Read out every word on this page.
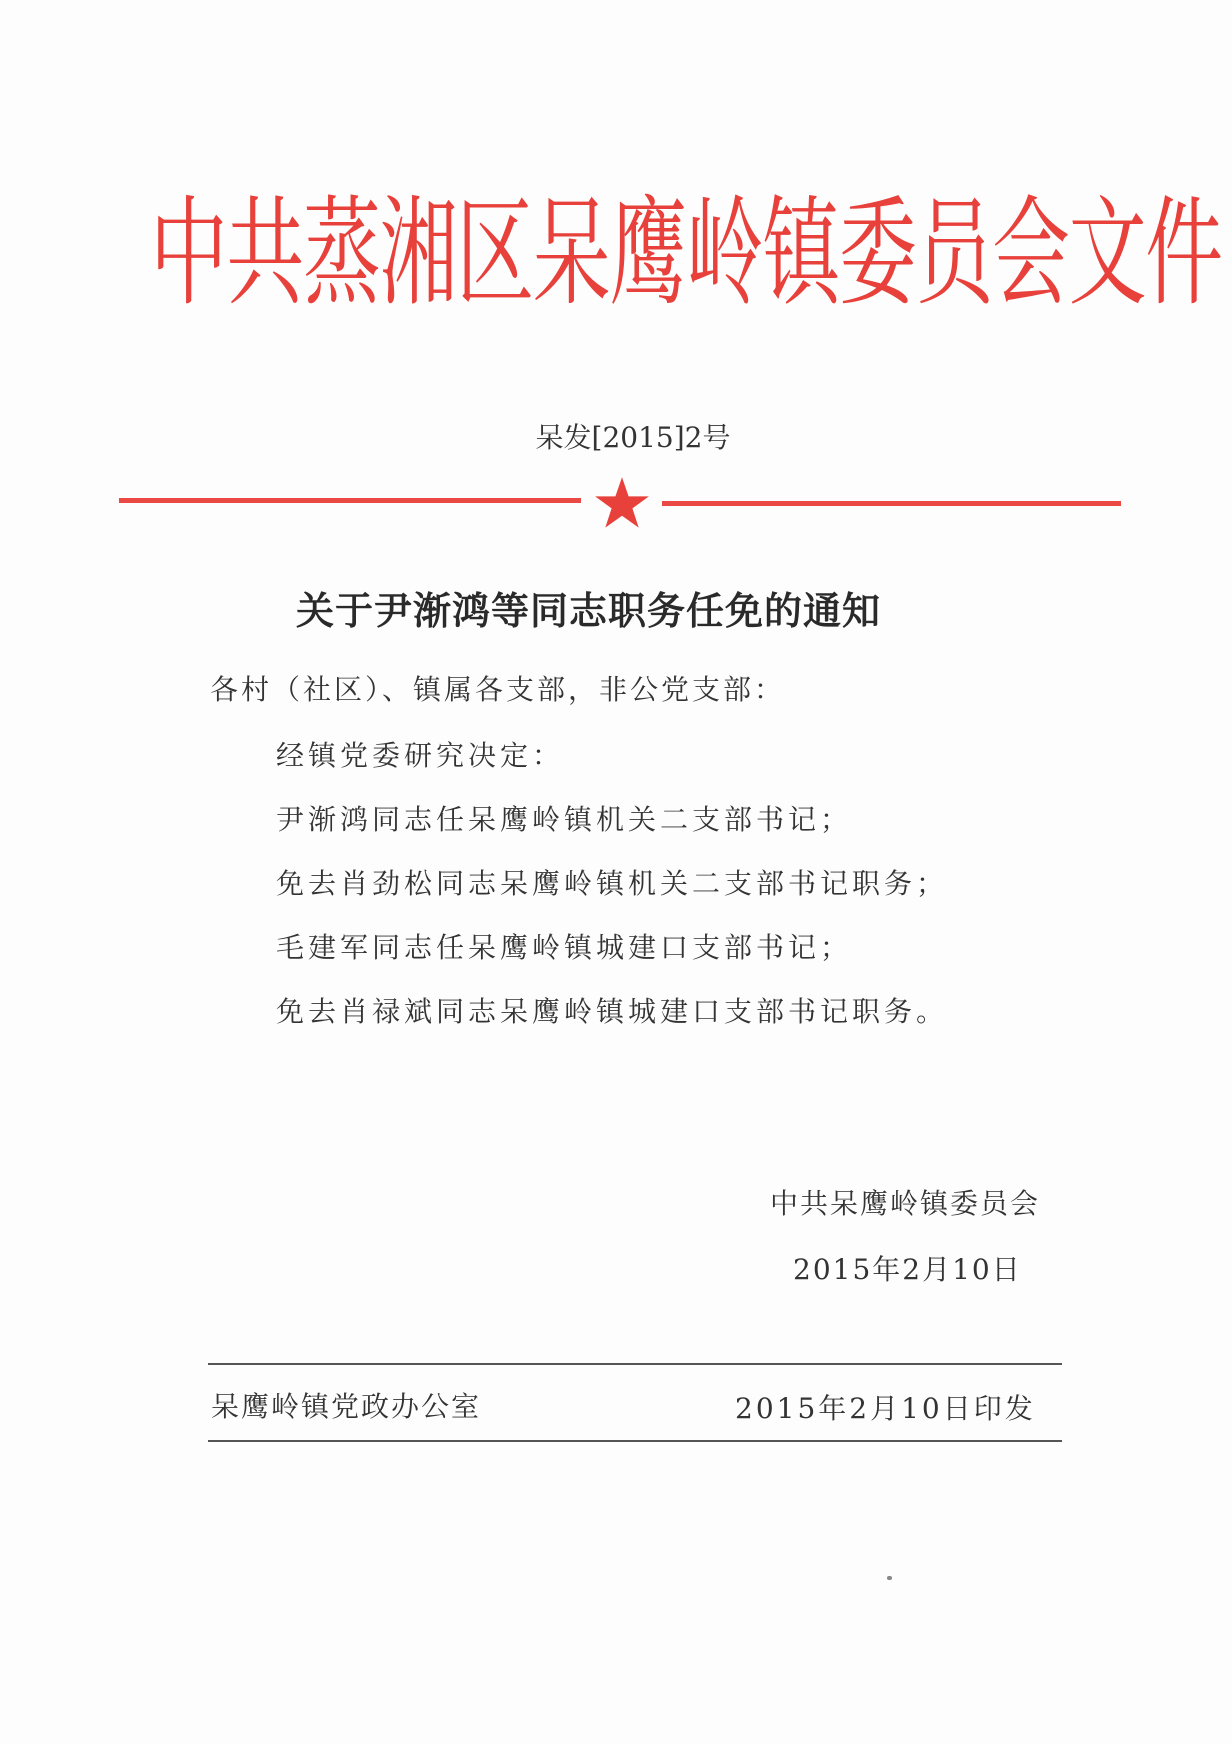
中共蒸湘区呆鹰岭镇委员会文件
呆发[2015]2号
关于尹渐鸿等同志职务任免的通知
各村（社区）、镇属各支部，非公党支部：
经镇党委研究决定：
尹渐鸿同志任呆鹰岭镇机关二支部书记；
免去肖劲松同志呆鹰岭镇机关二支部书记职务；
毛建军同志任呆鹰岭镇城建口支部书记；
免去肖禄斌同志呆鹰岭镇城建口支部书记职务。
中共呆鹰岭镇委员会
2015年2月10日
呆鹰岭镇党政办公室	2015年2月10日印发
